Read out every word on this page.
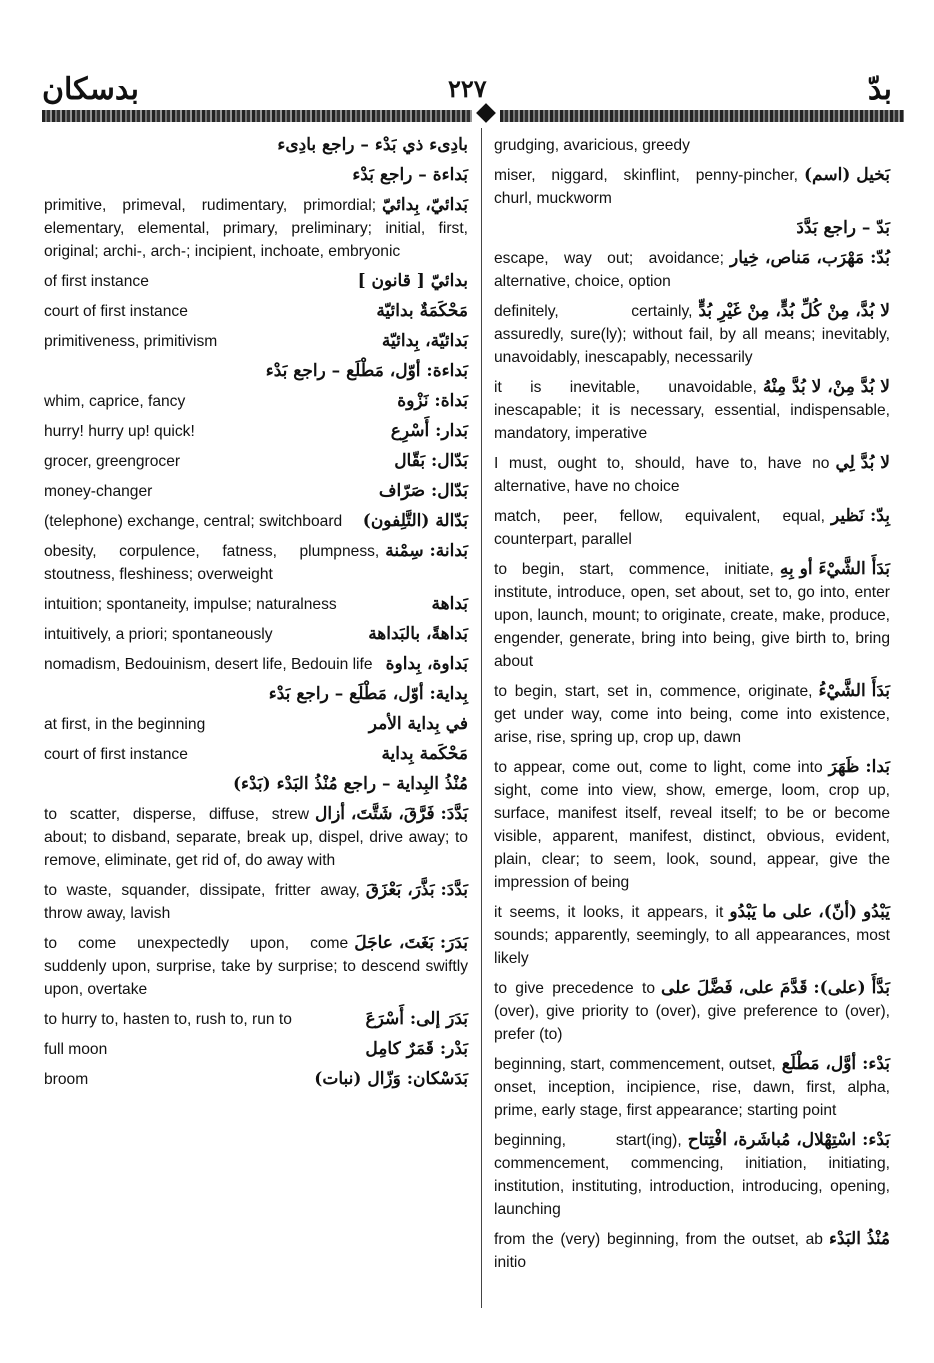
بدسكان	٢٢٧	بدّ
بادِىء ذي بَدْء – راجع بادِىء
بَداءة – راجع بَدْء
بَدائيّ، بِدائيّ
primitive, primeval, rudimentary, primordial; elementary, elemental, primary, preliminary; initial, first, original; archi-, arch-; incipient, inchoate, embryonic
بدائيّ [ قانون ]
of first instance
مَحْكَمَةٌ بدائيّة
court of first instance
بَدائيّة، بِدائيّة
primitiveness, primitivism
بَداءة: أوّل، مَطْلَع – راجع بَدْء
بَداة: نَزْوة
whim, caprice, fancy
بَدار: أَسْرِع
hurry! hurry up! quick!
بَدّال: بَقّال
grocer, greengrocer
بَدّال: صَرّاف
money-changer
بَدّالة (التَّلِفون)
(telephone) exchange, central; switchboard
بَدانة: سِمْنة
obesity, corpulence, fatness, plumpness, stoutness, fleshiness; overweight
بَداهة
intuition; spontaneity, impulse; naturalness
بَداهةً، بالبَداهة
intuitively, a priori; spontaneously
بَداوة، بِداوة
nomadism, Bedouinism, desert life, Bedouin life
بِداية: أوّل، مَطْلَع – راجع بَدْء
في بِداية الأمر
at first, in the beginning
مَحْكَمة بِداية
court of first instance
مُنْذُ البِداية – راجع مُنْذُ البَدْء (بَدْء)
بَدَّدَ: فَرَّقَ، شَتَّتَ، أزال
to scatter, disperse, diffuse, strew about; to disband, separate, break up, dispel, drive away; to remove, eliminate, get rid of, do away with
بَدَّدَ: بَذَّرَ، بَعْزَقَ
to waste, squander, dissipate, fritter away, throw away, lavish
بَدَرَ: بَغَتَ، عاجَلَ
to come unexpectedly upon, come suddenly upon, surprise, take by surprise; to descend swiftly upon, overtake
بَدَرَ إلى: أَسْرَعَ
to hurry to, hasten to, rush to, run to
بَدْر: قَمَرٌ كامِل
full moon
بَدَسْكان: وَزّال (نبات)
broom
grudging, avaricious, greedy
بَخيل (اسم)
miser, niggard, skinflint, penny-pincher, churl, muckworm
بَدّ – راجع بَدَّدَ
بُدّ: مَهْرَب، مَناص، خِيار
escape, way out; avoidance; alternative, choice, option
لا بُدَّ، مِنْ كُلِّ بُدٍّ، مِنْ غَيْرِ بُدٍّ
definitely, certainly, assuredly, sure(ly); without fail, by all means; inevitably, unavoidably, inescapably, necessarily
لا بُدَّ مِنْ، لا بُدَّ مِنْهُ
it is inevitable, unavoidable, inescapable; it is necessary, essential, indispensable, mandatory, imperative
لا بُدَّ لِي
I must, ought to, should, have to, have no alternative, have no choice
بِدّ: نَظير
match, peer, fellow, equivalent, equal, counterpart, parallel
بَدَأَ الشَّيْءَ أو بِهِ
to begin, start, commence, initiate, institute, introduce, open, set about, set to, go into, enter upon, launch, mount; to originate, create, make, produce, engender, generate, bring into being, give birth to, bring about
بَدَأَ الشَّيْءُ
to begin, start, set in, commence, originate, get under way, come into being, come into existence, arise, rise, spring up, crop up, dawn
بَدا: ظَهَرَ
to appear, come out, come to light, come into sight, come into view, show, emerge, loom, crop up, surface, manifest itself, reveal itself; to be or become visible, apparent, manifest, distinct, obvious, evident, plain, clear; to seem, look, sound, appear, give the impression of being
يَبْدُو (أنّ)، على ما يَبْدُو
it seems, it looks, it appears, it sounds; apparently, seemingly, to all appearances, most likely
بَدَّأَ (على): قَدَّمَ على، فَضَّلَ على
to give precedence to (over), give priority to (over), give preference to (over), prefer (to)
بَدْء: أوَّل، مَطْلَع
beginning, start, commencement, outset, onset, inception, incipience, rise, dawn, first, alpha, prime, early stage, first appearance; starting point
بَدْء: اسْتِهْلال، مُباشَرة، افْتِتاح
beginning, start(ing), commencement, commencing, initiation, initiating, institution, instituting, introduction, introducing, opening, launching
مُنْذُ البَدْء
from the (very) beginning, from the outset, ab initio
